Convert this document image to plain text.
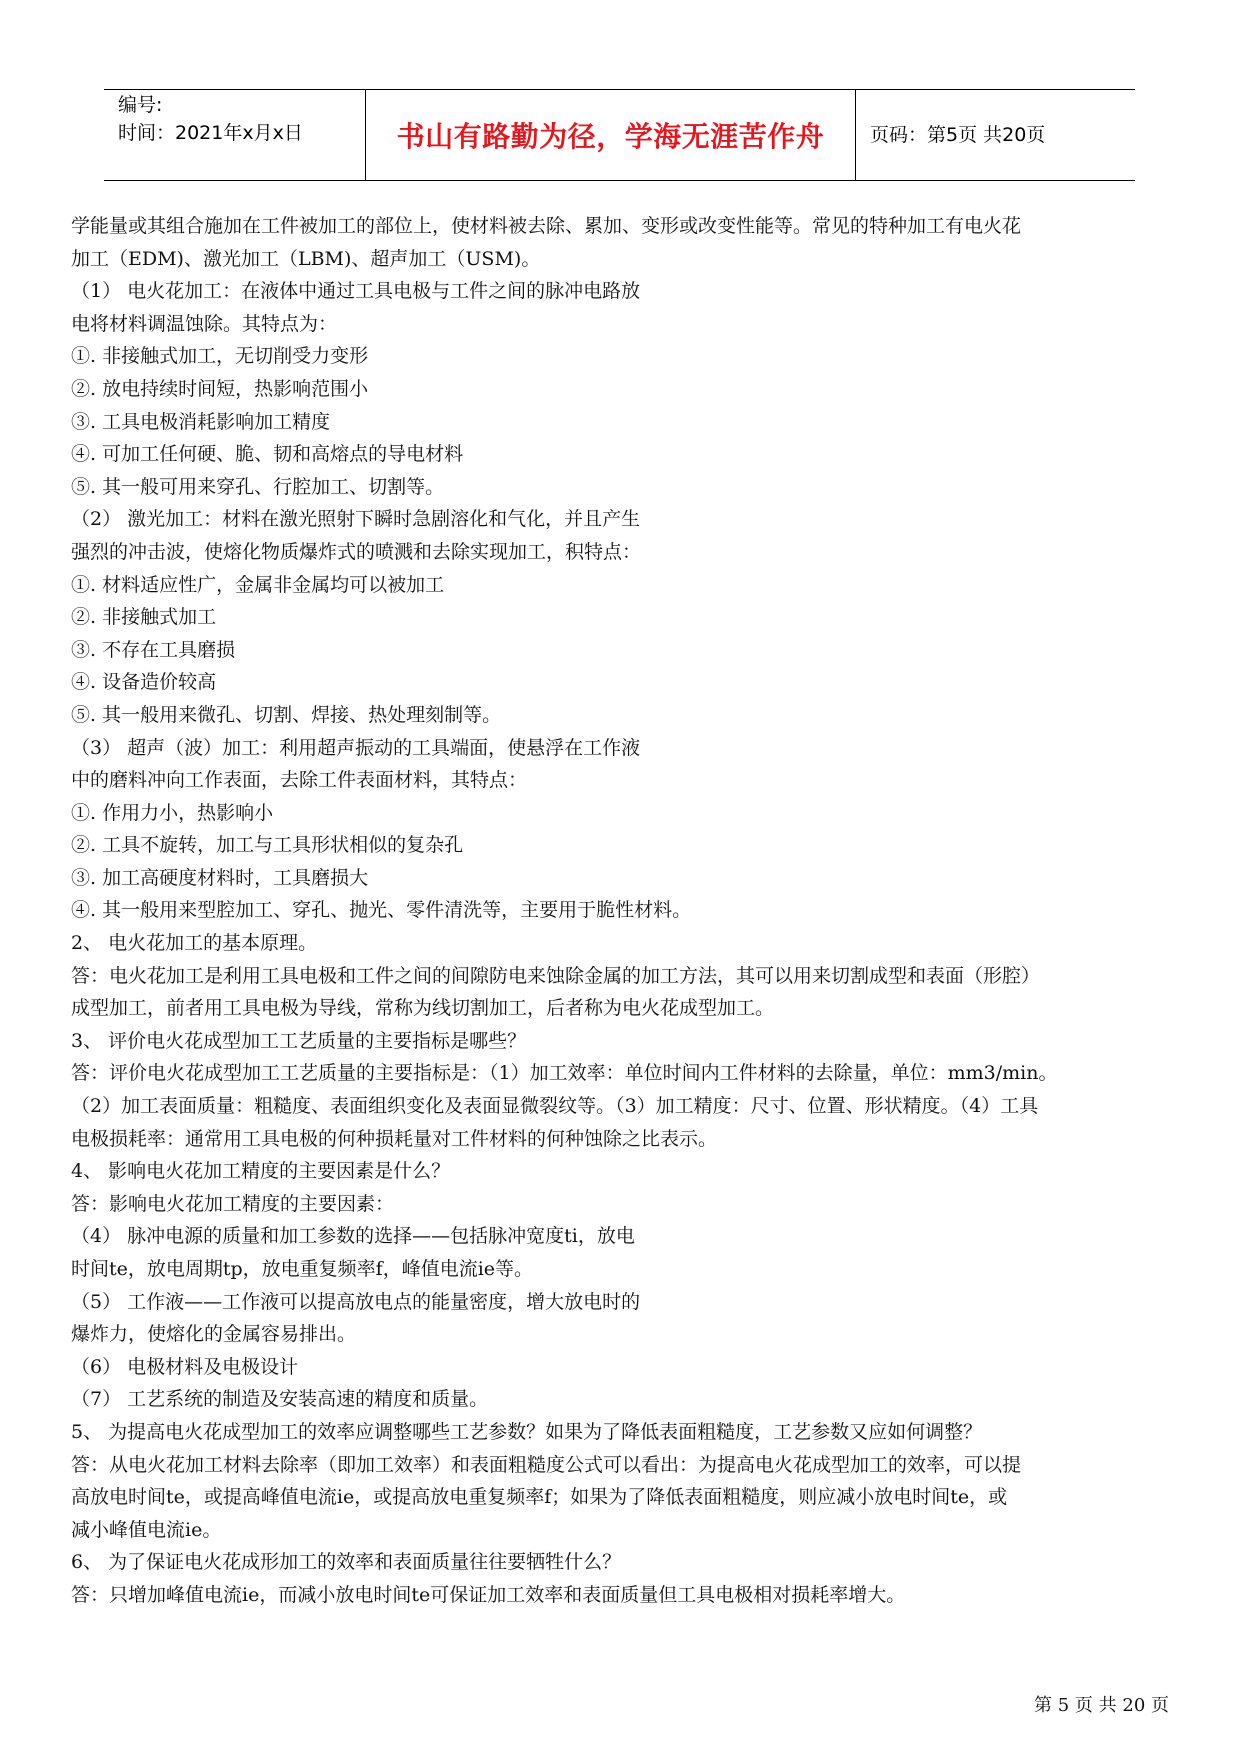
编号:
时间：2021年x月x日	书山有路勤为径，学海无涯苦作舟	页码：第5页 共20页
学能量或其组合施加在工件被加工的部位上，使材料被去除、累加、变形或改变性能等。常见的特种加工有电火花
加工（EDM)、激光加工（LBM)、超声加工（USM)。
（1） 电火花加工：在液体中通过工具电极与工件之间的脉冲电路放
电将材料调温蚀除。其特点为：
①. 非接触式加工，无切削受力变形
②. 放电持续时间短，热影响范围小
③. 工具电极消耗影响加工精度
④. 可加工任何硬、脆、韧和高熔点的导电材料
⑤. 其一般可用来穿孔、行腔加工、切割等。
（2） 激光加工：材料在激光照射下瞬时急剧溶化和气化，并且产生
强烈的冲击波，使熔化物质爆炸式的喷溅和去除实现加工，积特点：
①. 材料适应性广，金属非金属均可以被加工
②. 非接触式加工
③. 不存在工具磨损
④. 设备造价较高
⑤. 其一般用来微孔、切割、焊接、热处理刻制等。
（3） 超声（波）加工：利用超声振动的工具端面，使悬浮在工作液
中的磨料冲向工作表面，去除工件表面材料，其特点：
①. 作用力小，热影响小
②. 工具不旋转，加工与工具形状相似的复杂孔
③. 加工高硬度材料时，工具磨损大
④. 其一般用来型腔加工、穿孔、抛光、零件清洗等，主要用于脆性材料。
2、 电火花加工的基本原理。
答：电火花加工是利用工具电极和工件之间的间隙防电来蚀除金属的加工方法，其可以用来切割成型和表面（形腔）
成型加工，前者用工具电极为导线，常称为线切割加工，后者称为电火花成型加工。
3、 评价电火花成型加工工艺质量的主要指标是哪些？
答：评价电火花成型加工工艺质量的主要指标是：（1）加工效率：单位时间内工件材料的去除量，单位：mm3/min。
（2）加工表面质量：粗糙度、表面组织变化及表面显微裂纹等。（3）加工精度：尺寸、位置、形状精度。（4）工具
电极损耗率：通常用工具电极的何种损耗量对工件材料的何种蚀除之比表示。
4、 影响电火花加工精度的主要因素是什么？
答：影响电火花加工精度的主要因素：
（4） 脉冲电源的质量和加工参数的选择——包括脉冲宽度ti，放电
时间te，放电周期tp，放电重复频率f，峰值电流ie等。
（5） 工作液——工作液可以提高放电点的能量密度，增大放电时的
爆炸力，使熔化的金属容易排出。
（6） 电极材料及电极设计
（7） 工艺系统的制造及安装高速的精度和质量。
5、 为提高电火花成型加工的效率应调整哪些工艺参数？如果为了降低表面粗糙度，工艺参数又应如何调整？
答：从电火花加工材料去除率（即加工效率）和表面粗糙度公式可以看出：为提高电火花成型加工的效率，可以提
高放电时间te，或提高峰值电流ie，或提高放电重复频率f；如果为了降低表面粗糙度，则应减小放电时间te，或
减小峰值电流ie。
6、 为了保证电火花成形加工的效率和表面质量往往要牺牲什么？
答：只增加峰值电流ie，而减小放电时间te可保证加工效率和表面质量但工具电极相对损耗率增大。
第 5 页 共 20 页
